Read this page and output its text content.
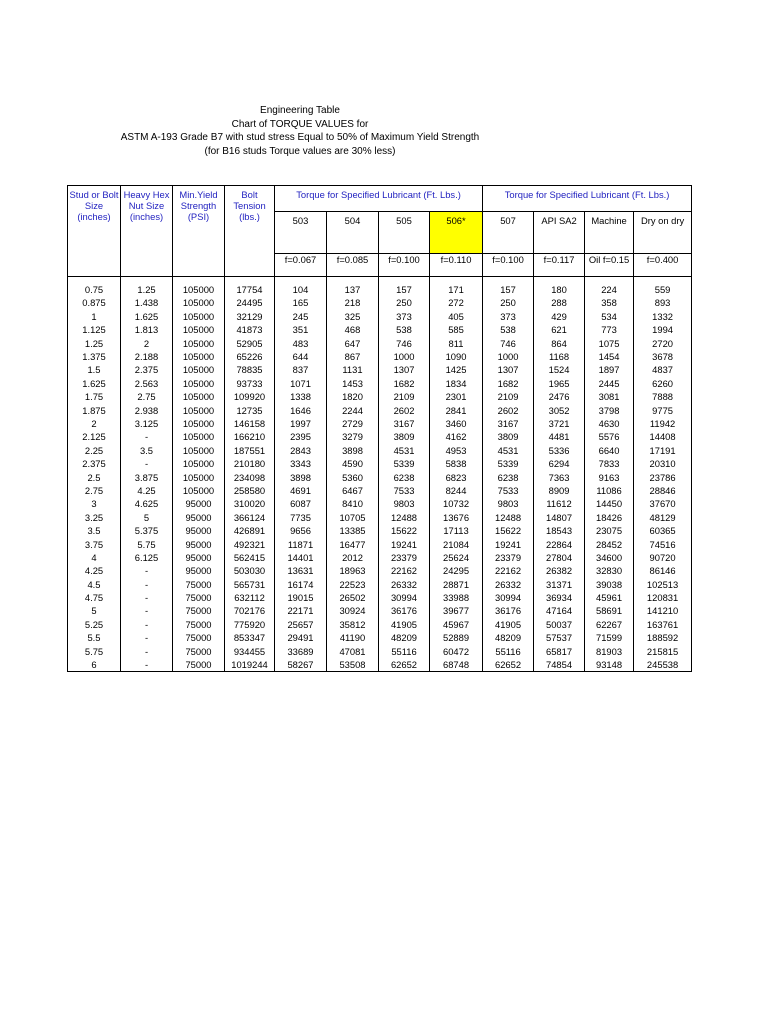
Engineering Table
Chart of TORQUE VALUES for
ASTM A-193 Grade B7 with stud stress Equal to 50% of Maximum Yield Strength
(for B16 studs Torque values are 30% less)
Stud or Bolt Size (inches)	Heavy Hex Nut Size (inches)	Min.Yield Strength (PSI)	Bolt Tension (lbs.)	Torque for Specified Lubricant (Ft. Lbs.)				Torque for Specified Lubricant (Ft. Lbs.)			
				503	504	505	506*	507	API SA2	Machine	Dry on dry
				f=0.067	f=0.085	f=0.100	f=0.110	f=0.100	f=0.117	Oil f=0.15	f=0.400

0.75	1.25	105000	17754	104	137	157	171	157	180	224	559
0.875	1.438	105000	24495	165	218	250	272	250	288	358	893
1	1.625	105000	32129	245	325	373	405	373	429	534	1332
1.125	1.813	105000	41873	351	468	538	585	538	621	773	1994
1.25	2	105000	52905	483	647	746	811	746	864	1075	2720
1.375	2.188	105000	65226	644	867	1000	1090	1000	1168	1454	3678
1.5	2.375	105000	78835	837	1131	1307	1425	1307	1524	1897	4837
1.625	2.563	105000	93733	1071	1453	1682	1834	1682	1965	2445	6260
1.75	2.75	105000	109920	1338	1820	2109	2301	2109	2476	3081	7888
1.875	2.938	105000	12735	1646	2244	2602	2841	2602	3052	3798	9775
2	3.125	105000	146158	1997	2729	3167	3460	3167	3721	4630	11942
2.125	-	105000	166210	2395	3279	3809	4162	3809	4481	5576	14408
2.25	3.5	105000	187551	2843	3898	4531	4953	4531	5336	6640	17191
2.375	-	105000	210180	3343	4590	5339	5838	5339	6294	7833	20310
2.5	3.875	105000	234098	3898	5360	6238	6823	6238	7363	9163	23786
2.75	4.25	105000	258580	4691	6467	7533	8244	7533	8909	11086	28846
3	4.625	95000	310020	6087	8410	9803	10732	9803	11612	14450	37670
3.25	5	95000	366124	7735	10705	12488	13676	12488	14807	18426	48129
3.5	5.375	95000	426891	9656	13385	15622	17113	15622	18543	23075	60365
3.75	5.75	95000	492321	11871	16477	19241	21084	19241	22864	28452	74516
4	6.125	95000	562415	14401	2012	23379	25624	23379	27804	34600	90720
4.25	-	95000	503030	13631	18963	22162	24295	22162	26382	32830	86146
4.5	-	75000	565731	16174	22523	26332	28871	26332	31371	39038	102513
4.75	-	75000	632112	19015	26502	30994	33988	30994	36934	45961	120831
5	-	75000	702176	22171	30924	36176	39677	36176	47164	58691	141210
5.25	-	75000	775920	25657	35812	41905	45967	41905	50037	62267	163761
5.5	-	75000	853347	29491	41190	48209	52889	48209	57537	71599	188592
5.75	-	75000	934455	33689	47081	55116	60472	55116	65817	81903	215815
6	-	75000	1019244	58267	53508	62652	68748	62652	74854	93148	245538
